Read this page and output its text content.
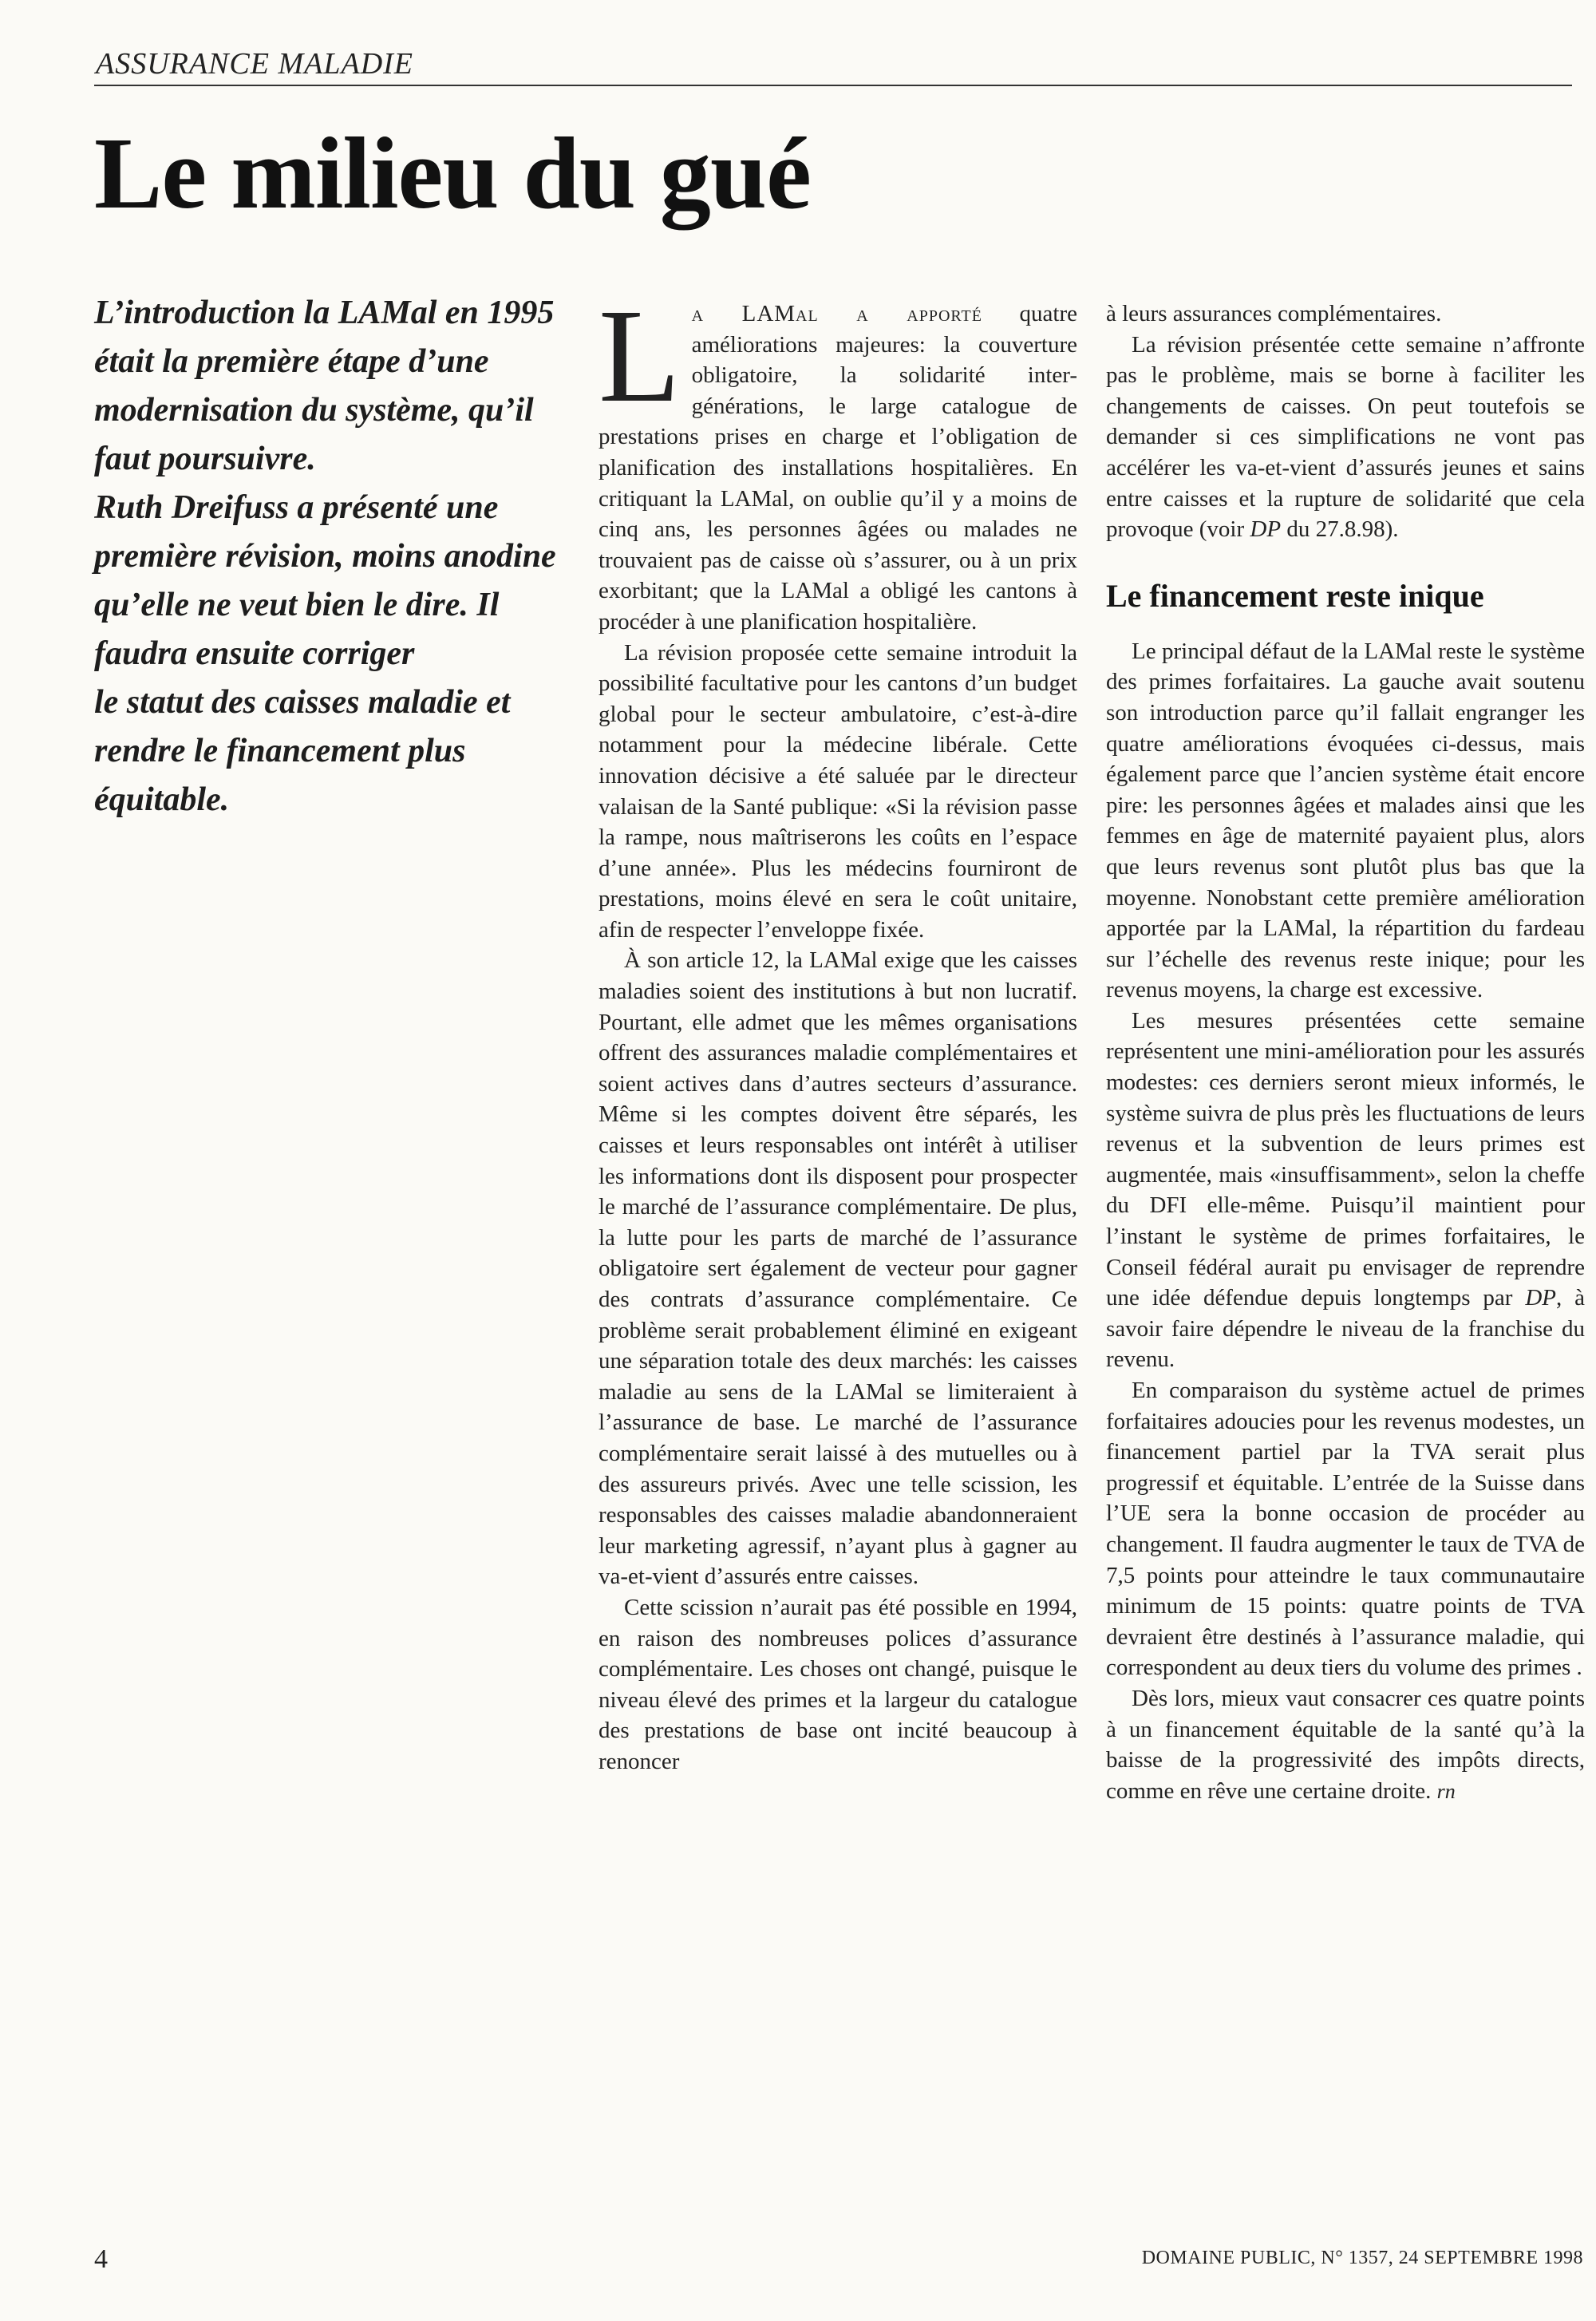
ASSURANCE MALADIE
Le milieu du gué

L’introduction la LAMal en 1995 était la première étape d’une modernisation du système, qu’il faut poursuivre.

Ruth Dreifuss a présenté une première révision, moins anodine qu’elle ne veut bien le dire. Il faudra ensuite corriger

le statut des caisses maladie et rendre le financement plus équitable.

La LAMal a apporté quatre améliorations majeures: la couverture obligatoire, la solidarité inter-générations, le large catalogue de prestations prises en charge et l’obligation de planification des installations hospitalières. En critiquant la LAMal, on oublie qu’il y a moins de cinq ans, les personnes âgées ou malades ne trouvaient pas de caisse où s’assurer, ou à un prix exorbitant; que la LAMal a obligé les cantons à procéder à une planification hospitalière.

La révision proposée cette semaine introduit la possibilité facultative pour les cantons d’un budget global pour le secteur ambulatoire, c’est-à-dire notamment pour la médecine libérale. Cette innovation décisive a été saluée par le directeur valaisan de la Santé publique: «Si la révision passe la rampe, nous maîtriserons les coûts en l’espace d’une année». Plus les médecins fourniront de prestations, moins élevé en sera le coût unitaire, afin de respecter l’enveloppe fixée.

À son article 12, la LAMal exige que les caisses maladies soient des institutions à but non lucratif. Pourtant, elle admet que les mêmes organisations offrent des assurances maladie complémentaires et soient actives dans d’autres secteurs d’assurance. Même si les comptes doivent être séparés, les caisses et leurs responsables ont intérêt à utiliser les informations dont ils disposent pour prospecter le marché de l’assurance complémentaire. De plus, la lutte pour les parts de marché de l’assurance obligatoire sert également de vecteur pour gagner des contrats d’assurance complémentaire. Ce problème serait probablement éliminé en exigeant une séparation totale des deux marchés: les caisses maladie au sens de la LAMal se limiteraient à l’assurance de base. Le marché de l’assurance complémentaire serait laissé à des mutuelles ou à des assureurs privés. Avec une telle scission, les responsables des caisses maladie abandonneraient leur marketing agressif, n’ayant plus à gagner au va-et-vient d’assurés entre caisses.

Cette scission n’aurait pas été possible en 1994, en raison des nombreuses polices d’assurance complémentaire. Les choses ont changé, puisque le niveau élevé des primes et la largeur du catalogue des prestations de base ont incité beaucoup à renoncer

à leurs assurances complémentaires.

La révision présentée cette semaine n’affronte pas le problème, mais se borne à faciliter les changements de caisses. On peut toutefois se demander si ces simplifications ne vont pas accélérer les va-et-vient d’assurés jeunes et sains entre caisses et la rupture de solidarité que cela provoque (voir DP du 27.8.98).

Le financement reste inique

Le principal défaut de la LAMal reste le système des primes forfaitaires. La gauche avait soutenu son introduction parce qu’il fallait engranger les quatre améliorations évoquées ci-dessus, mais également parce que l’ancien système était encore pire: les personnes âgées et malades ainsi que les femmes en âge de maternité payaient plus, alors que leurs revenus sont plutôt plus bas que la moyenne. Nonobstant cette première amélioration apportée par la LAMal, la répartition du fardeau sur l’échelle des revenus reste inique; pour les revenus moyens, la charge est excessive.

Les mesures présentées cette semaine représentent une mini-amélioration pour les assurés modestes: ces derniers seront mieux informés, le système suivra de plus près les fluctuations de leurs revenus et la subvention de leurs primes est augmentée, mais «insuffisamment», selon la cheffe du DFI elle-même. Puisqu’il maintient pour l’instant le système de primes forfaitaires, le Conseil fédéral aurait pu envisager de reprendre une idée défendue depuis longtemps par DP, à savoir faire dépendre le niveau de la franchise du revenu.

En comparaison du système actuel de primes forfaitaires adoucies pour les revenus modestes, un financement partiel par la TVA serait plus progressif et équitable. L’entrée de la Suisse dans l’UE sera la bonne occasion de procéder au changement. Il faudra augmenter le taux de TVA de 7,5 points pour atteindre le taux communautaire minimum de 15 points: quatre points de TVA devraient être destinés à l’assurance maladie, qui correspondent au deux tiers du volume des primes .

Dès lors, mieux vaut consacrer ces quatre points à un financement équitable de la santé qu’à la baisse de la progressivité des impôts directs, comme en rêve une certaine droite. rn

4	DOMAINE PUBLIC, N° 1357, 24 SEPTEMBRE 1998
